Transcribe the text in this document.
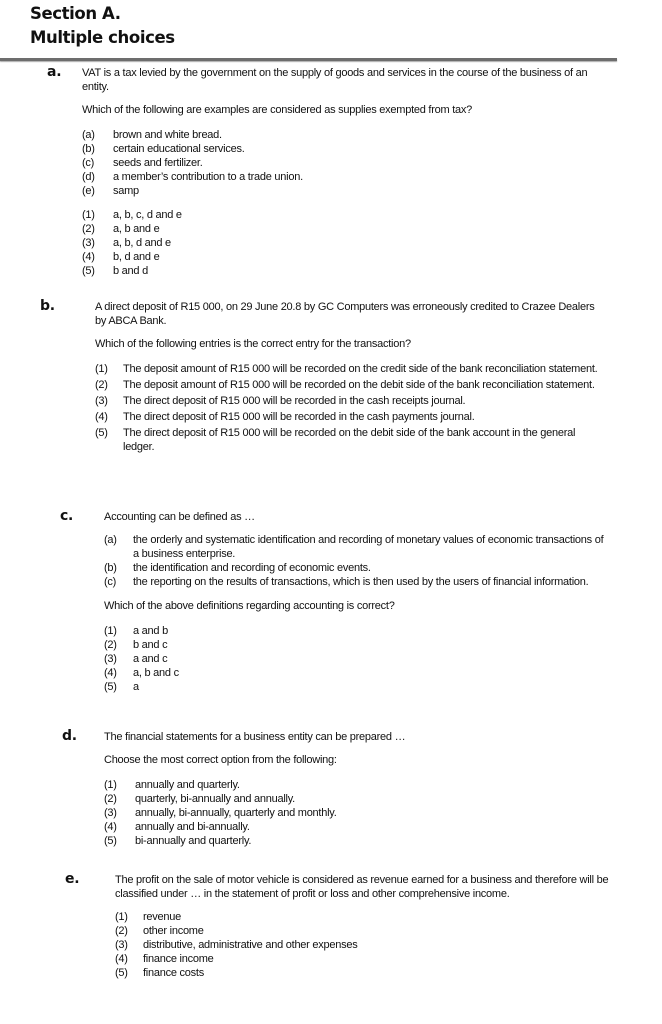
Section A.
Multiple choices
a. VAT is a tax levied by the government on the supply of goods and services in the course of the business of an entity.

Which of the following are examples are considered as supplies exempted from tax?

(a) brown and white bread.
(b) certain educational services.
(c) seeds and fertilizer.
(d) a member’s contribution to a trade union.
(e) samp
(1) a, b, c, d and e
(2) a, b and e
(3) a, b, d and e
(4) b, d and e
(5) b and d
b.	A direct deposit of R15 000, on 29 June 20.8 by GC Computers was erroneously credited to Crazee Dealers by ABCA Bank.

Which of the following entries is the correct entry for the transaction?

(1) The deposit amount of R15 000 will be recorded on the credit side of the bank reconciliation statement.
(2) The deposit amount of R15 000 will be recorded on the debit side of the bank reconciliation statement.
(3) The direct deposit of R15 000 will be recorded in the cash receipts journal.
(4) The direct deposit of R15 000 will be recorded in the cash payments journal.
(5) The direct deposit of R15 000 will be recorded on the debit side of the bank account in the general ledger.
c.	Accounting can be defined as …

(a) the orderly and systematic identification and recording of monetary values of economic transactions of a business enterprise.
(b) the identification and recording of economic events.
(c) the reporting on the results of transactions, which is then used by the users of financial information.

Which of the above definitions regarding accounting is correct?

(1) a and b
(2) b and c
(3) a and c
(4) a, b and c
(5) a
d. The financial statements for a business entity can be prepared …

Choose the most correct option from the following:

(1) annually and quarterly.
(2) quarterly, bi-annually and annually.
(3) annually, bi-annually, quarterly and monthly.
(4) annually and bi-annually.
(5) bi-annually and quarterly.
e.	The profit on the sale of motor vehicle is considered as revenue earned for a business and therefore will be classified under … in the statement of profit or loss and other comprehensive income.

(1) revenue
(2) other income
(3) distributive, administrative and other expenses
(4) finance income
(5) finance costs
